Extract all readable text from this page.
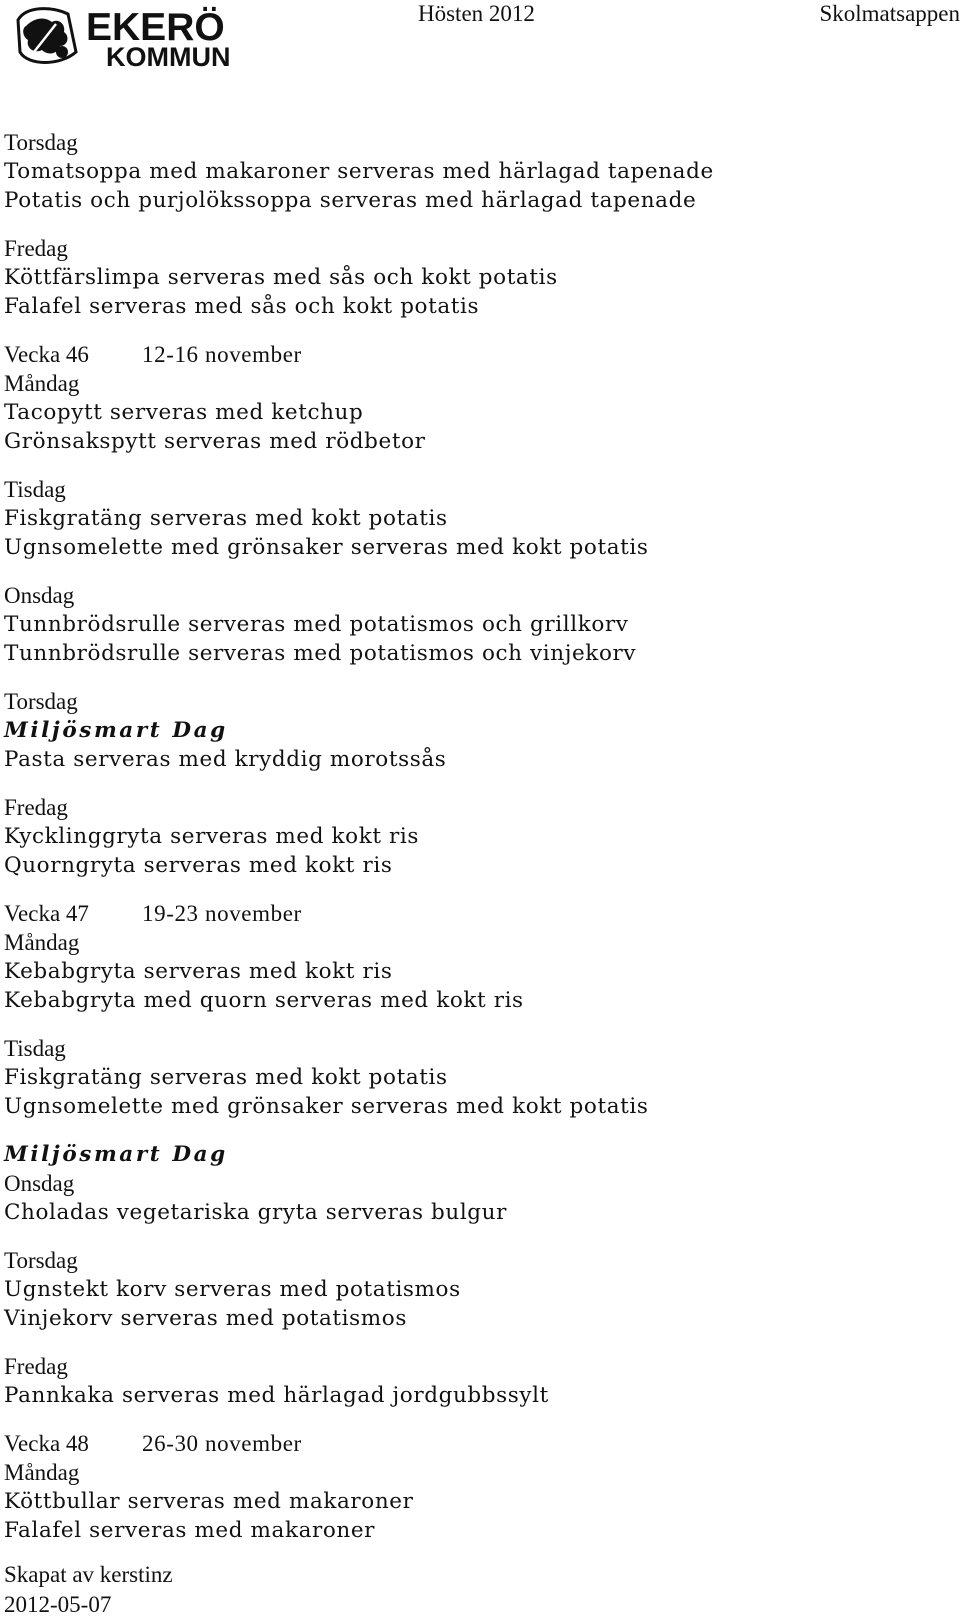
EKERÖ
KOMMUN
Hösten 2012	Skolmatsappen
Torsdag
Tomatsoppa med makaroner serveras med härlagad tapenade
Potatis och purjolökssoppa serveras med härlagad tapenade
Fredag
Köttfärslimpa serveras med sås och kokt potatis
Falafel serveras med sås och kokt potatis
Vecka 46 12-16 november
Måndag
Tacopytt serveras med ketchup
Grönsakspytt serveras med rödbetor
Tisdag
Fiskgratäng serveras med kokt potatis
Ugnsomelette med grönsaker serveras med kokt potatis
Onsdag
Tunnbrödsrulle serveras med potatismos och grillkorv
Tunnbrödsrulle serveras med potatismos och vinjekorv
Torsdag
Miljösmart Dag
Pasta serveras med kryddig morotssås
Fredag
Kycklinggryta serveras med kokt ris
Quorngryta serveras med kokt ris
Vecka 47 19-23 november
Måndag
Kebabgryta serveras med kokt ris
Kebabgryta med quorn serveras med kokt ris
Tisdag
Fiskgratäng serveras med kokt potatis
Ugnsomelette med grönsaker serveras med kokt potatis
Miljösmart Dag
Onsdag
Choladas vegetariska gryta serveras bulgur
Torsdag
Ugnstekt korv serveras med potatismos
Vinjekorv serveras med potatismos
Fredag
Pannkaka serveras med härlagad jordgubbssylt
Vecka 48 26-30 november
Måndag
Köttbullar serveras med makaroner
Falafel serveras med makaroner
Skapat av kerstinz
2012-05-07
